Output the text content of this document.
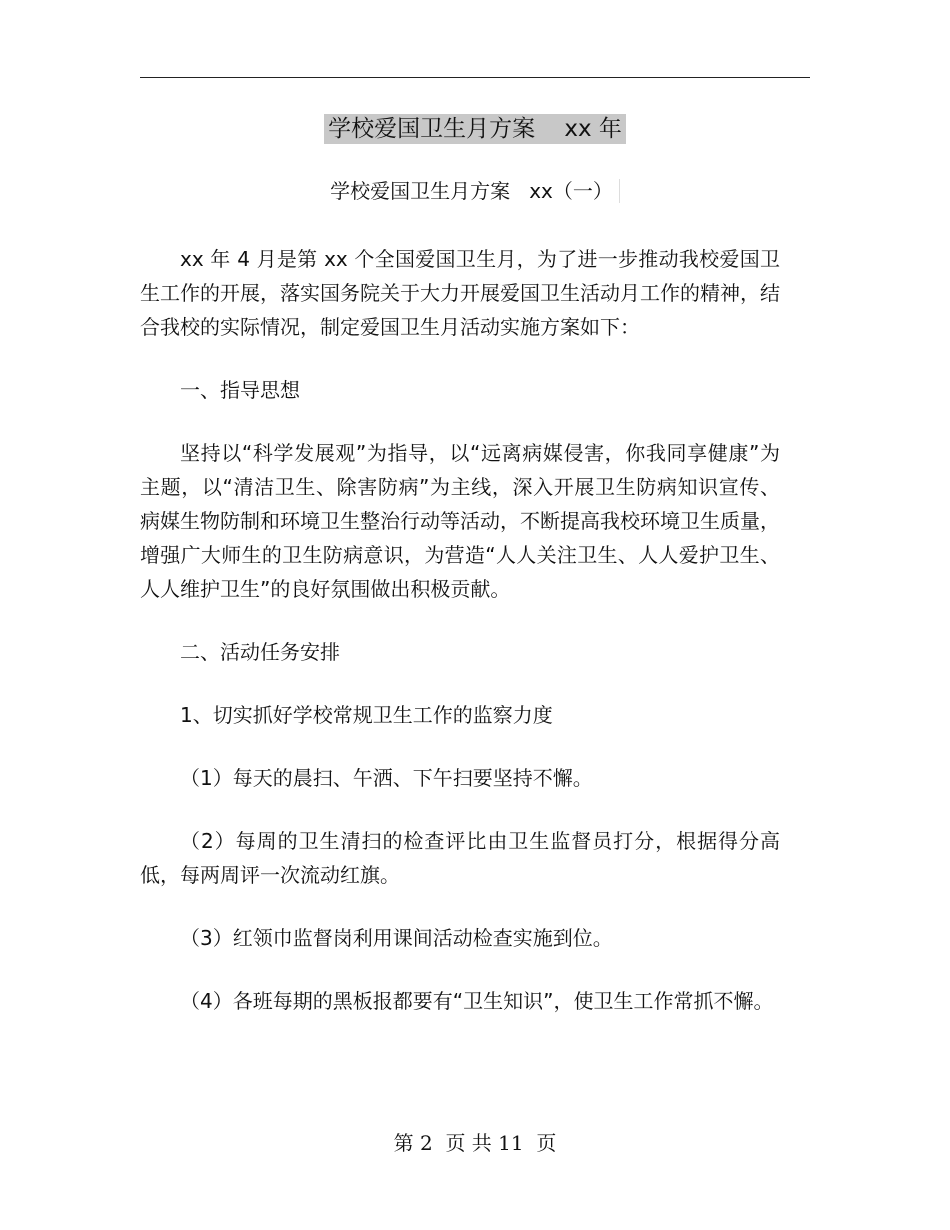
学校爱国卫生月方案    xx 年
学校爱国卫生月方案   xx（一）

xx 年 4 月是第 xx 个全国爱国卫生月，为了进一步推动我校爱国卫生工作的开展，落实国务院关于大力开展爱国卫生活动月工作的精神，结合我校的实际情况，制定爱国卫生月活动实施方案如下：

一、指导思想

坚持以“科学发展观”为指导，以“远离病媒侵害，你我同享健康”为主题，以“清洁卫生、除害防病”为主线，深入开展卫生防病知识宣传、病媒生物防制和环境卫生整治行动等活动，不断提高我校环境卫生质量，增强广大师生的卫生防病意识，为营造“人人关注卫生、人人爱护卫生、人人维护卫生”的良好氛围做出积极贡献。

二、活动任务安排

1、切实抓好学校常规卫生工作的监察力度

（1）每天的晨扫、午洒、下午扫要坚持不懈。

（2）每周的卫生清扫的检查评比由卫生监督员打分，根据得分高低，每两周评一次流动红旗。

（3）红领巾监督岗利用课间活动检查实施到位。

（4）各班每期的黑板报都要有“卫生知识”，使卫生工作常抓不懈。

第 2  页 共 11  页
